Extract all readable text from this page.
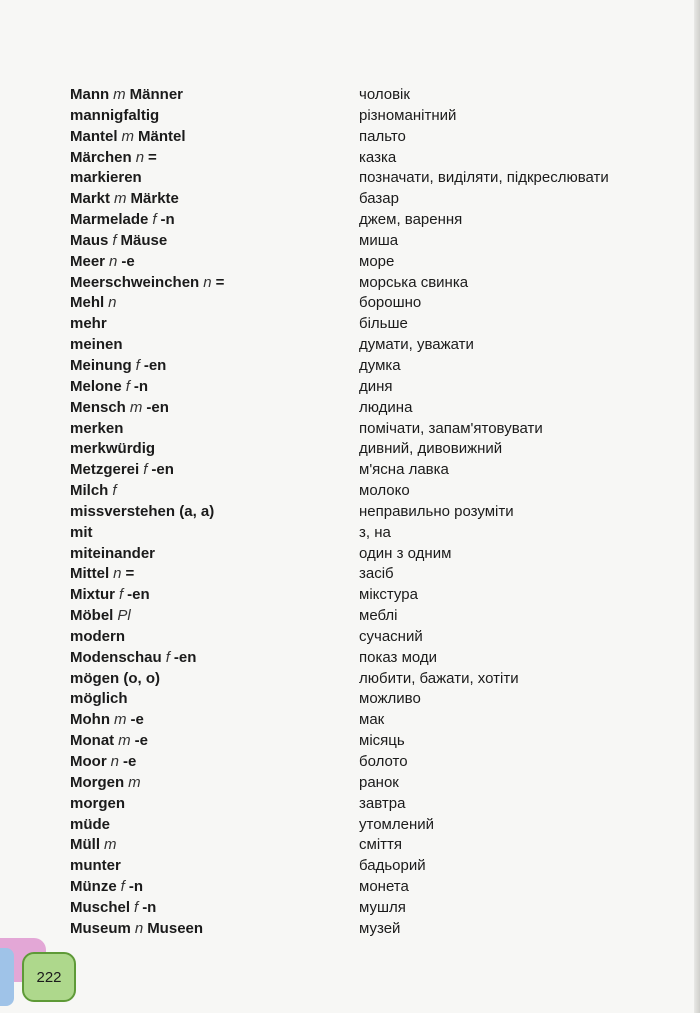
Mann m Männer	чоловік
mannigfaltig	різноманітний
Mantel m Mäntel	пальто
Märchen n =	казка
markieren	позначати, виділяти, підкреслювати
Markt m Märkte	базар
Marmelade f -n	джем, варення
Maus f Mäuse	миша
Meer n -e	море
Meerschweinchen n =	морська свинка
Mehl n	борошно
mehr	більше
meinen	думати, уважати
Meinung f -en	думка
Melone f -n	диня
Mensch m -en	людина
merken	помічати, запам'ятовувати
merkwürdig	дивний, дивовижний
Metzgerei f -en	м'ясна лавка
Milch f	молоко
missverstehen (a, a)	неправильно розуміти
mit	з, на
miteinander	один з одним
Mittel n =	засіб
Mixtur f -en	мікстура
Möbel Pl	меблі
modern	сучасний
Modenschau f -en	показ моди
mögen (o, o)	любити, бажати, хотіти
möglich	можливо
Mohn m -e	мак
Monat m -e	місяць
Moor n -e	болото
Morgen m	ранок
morgen	завтра
müde	утомлений
Müll m	сміття
munter	бадьорий
Münze f -n	монета
Muschel f -n	мушля
Museum n Museen	музей
222
